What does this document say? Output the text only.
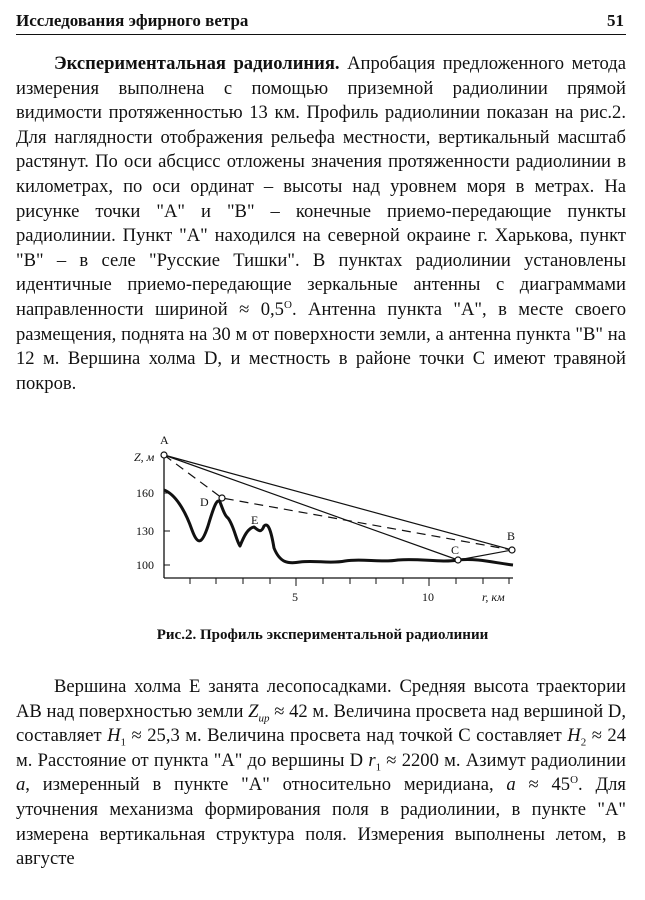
Исследования эфирного ветра	51

Экспериментальная радиолиния. Апробация предложенного метода измерения выполнена с помощью приземной радиолинии прямой видимости протяженностью 13 км. Профиль радиолинии показан на рис.2. Для наглядности отображения рельефа местности, вертикальный масштаб растянут. По оси абсцисс отложены значения протяженности радиолинии в километрах, по оси ординат – высоты над уровнем моря в метрах. На рисунке точки "А" и "В" – конечные приемо-передающие пункты радиолинии. Пункт "А" находился на северной окраине г. Харькова, пункт "В" – в селе "Русские Тишки". В пунктах радиолинии установлены идентичные приемо-передающие зеркальные антенны с диаграммами направленности шириной ≈ $0,5^О$. Антенна пункта "А", в месте своего размещения, поднята на 30 м от поверхности земли, а антенна пункта "В" на 12 м. Вершина холма D, и местность в районе точки С имеют травяной покров.

A
Z, м
D
E
C
B
160
130
100
5	10	r, км
Рис.2. Профиль экспериментальной радиолинии

Вершина холма Е занята лесопосадками. Средняя высота траектории АВ над поверхностью земли $Z_{ир} \approx 42$ м. Величина просвета над вершиной D, составляет $H_1 \approx 25,3$ м. Величина просвета над точкой С составляет $H_2 \approx 24$ м. Расстояние от пункта "А" до вершины D $r_1 \approx 2200$ м. Азимут радиолинии a, измеренный в пункте "А" относительно меридиана, $a \approx 45^О$. Для уточнения механизма формирования поля в радиолинии, в пункте "А" измерена вертикальная структура поля. Измерения выполнены летом, в августе
